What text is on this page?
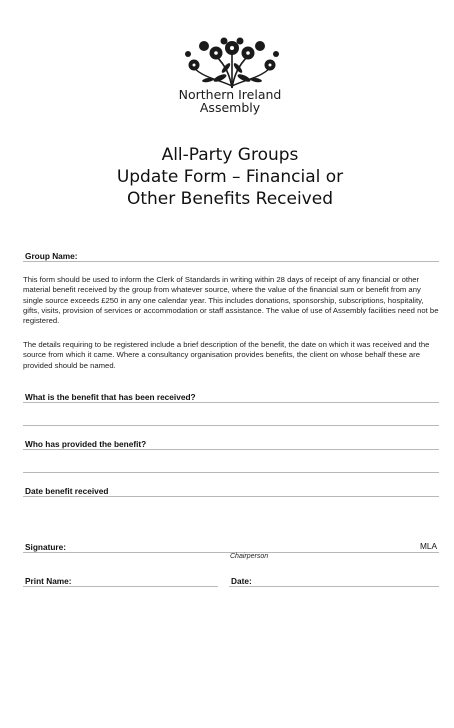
Northern Ireland
Assembly
All-Party Groups
Update Form – Financial or
Other Benefits Received
Group Name:
This form should be used to inform the Clerk of Standards in writing within 28 days of receipt of any financial or other material benefit received by the group from whatever source, where the value of the financial sum or benefit from any single source exceeds £250 in any one calendar year. This includes donations, sponsorship, subscriptions, hospitality, gifts, visits, provision of services or accommodation or staff assistance. The value of use of Assembly facilities need not be registered.
The details requiring to be registered include a brief description of the benefit, the date on which it was received and the source from which it came. Where a consultancy organisation provides benefits, the client on whose behalf these are provided should be named.
What is the benefit that has been received?
Who has provided the benefit?
Date benefit received
Signature:	MLA
Chairperson
Print Name:	Date:
